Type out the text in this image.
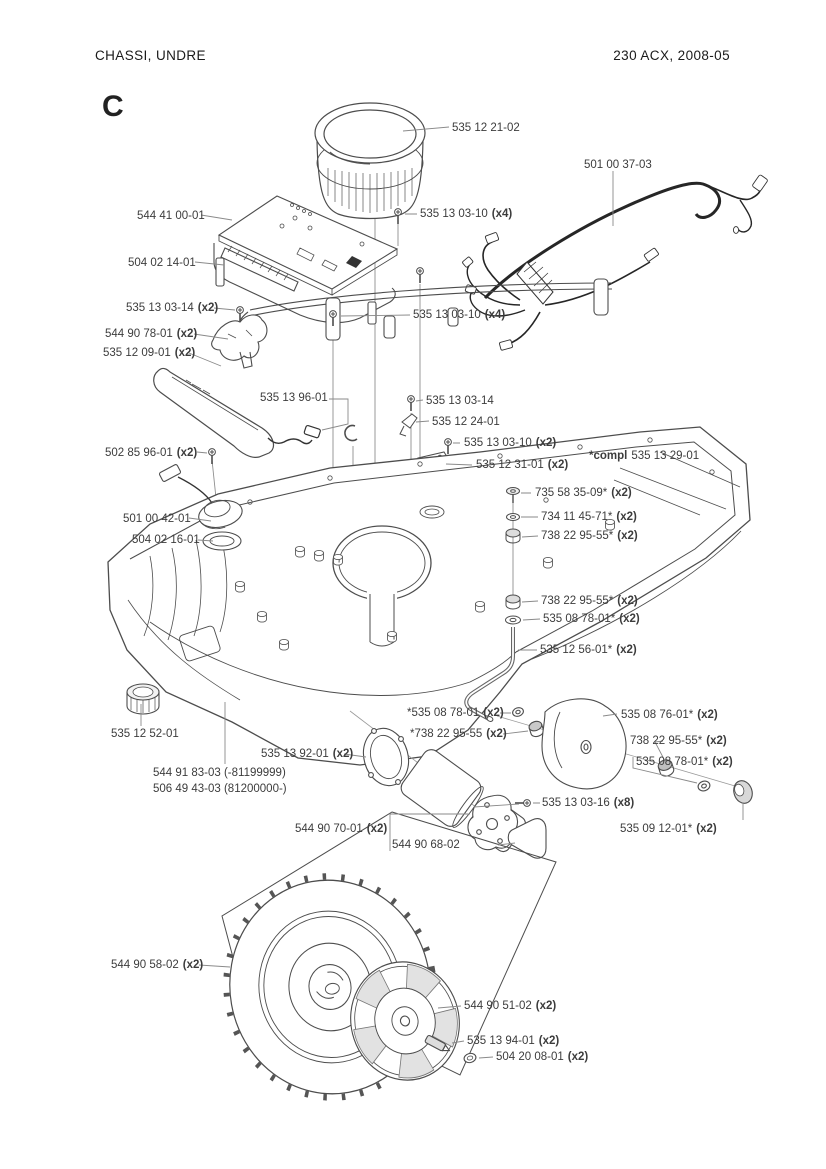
CHASSI, UNDRE	230 ACX, 2008-05
C
535 12 21-02
501 00 37-03
535 13 03-10 (x4)
544 41 00-01
504 02 14-01
535 13 03-14 (x2)
535 13 03-10 (x4)
544 90 78-01 (x2)
535 12 09-01 (x2)
535 13 96-01	535 13 03-14
535 12 24-01
535 13 03-10 (x2)
535 12 31-01 (x2)
*compl 535 13 29-01
502 85 96-01 (x2)
735 58 35-09* (x2)
734 11 45-71* (x2)
738 22 95-55* (x2)
501 00 42-01
504 02 16-01
738 22 95-55* (x2)
535 08 78-01* (x2)
535 12 56-01* (x2)
*535 08 78-01 (x2)
*738 22 95-55 (x2)
535 08 76-01* (x2)
738 22 95-55* (x2)
535 08 78-01* (x2)
535 12 52-01
535 13 92-01 (x2)
544 91 83-03 (-81199999)
506 49 43-03 (81200000-)
535 13 03-16 (x8)
535 09 12-01* (x2)
544 90 70-01 (x2)
544 90 68-02
544 90 58-02 (x2)
544 90 51-02 (x2)
535 13 94-01 (x2)
504 20 08-01 (x2)
